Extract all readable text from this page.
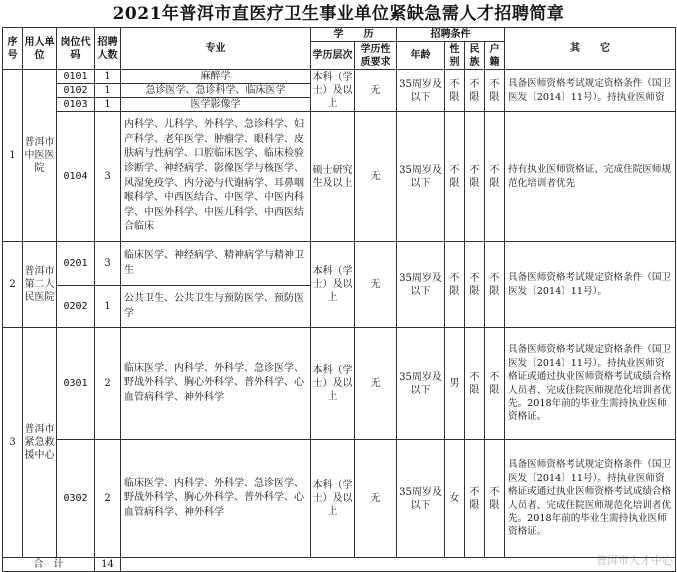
2021年普洱市直医疗卫生事业单位紧缺急需人才招聘简章
序号	用人单位	岗位代码	招聘人数	专业	学　　历		招聘条件				其　　它
					学历层次	学历性质要求	年龄	性别	民族	户籍	
1	普洱市中医医院	0101	1	麻醉学	本科（学士）及以上	无	35周岁及以下	不限	不限	不限	具备医师资格考试规定资格条件（国卫医发〔2014〕11号）。持执业医师资
		0102	1	急诊医学、急诊科学、临床医学							
		0103	1	医学影像学							
		0104	3	内科学、儿科学、外科学、急诊科学、妇产科学、老年医学、肿瘤学、眼科学、皮肤病与性病学、口腔临床医学、临床检验诊断学、神经病学、影像医学与核医学、风湿免疫学、内分泌与代谢病学、耳鼻咽喉科学、中西医结合、中医学、中医内科学、中医外科学、中医儿科学、中西医结合临床	硕士研究生及以上	无	35周岁及以下	不限	不限	不限	持有执业医师资格证、完成住院医师规范化培训者优先
2	普洱市第二人民医院	0201	3	临床医学、神经病学、精神病学与精神卫生	本科（学士）及以上	无	35周岁及以下	不限	不限	不限	具备医师资格考试规定资格条件（国卫医发〔2014〕11号）。
		0202	1	公共卫生、公共卫生与预防医学、预防医学							
3	普洱市紧急救援中心	0301	2	临床医学、内科学、外科学、急诊医学、野战外科学、胸心外科学、普外科学、心血管病科学、神外科学	本科（学士）及以上	无	35周岁及以下	男	不限	不限	具备医师资格考试规定资格条件（国卫医发〔2014〕11号）。持执业医师资格证或通过执业医师资格考试成绩合格人员者、完成住院医师规范化培训者优先。2018年前的毕业生需持执业医师资格证。
		0302	2	临床医学、内科学、外科学、急诊医学、野战外科学、胸心外科学、普外科学、心血管病科学、神外科学	本科（学士）及以上	无	35周岁及以下	女	不限	不限	具备医师资格考试规定资格条件（国卫医发〔2014〕11号）。持执业医师资格证或通过执业医师资格考试成绩合格人员者、完成住院医师规范化培训者优先。2018年前的毕业生需持执业医师资格证。
合　计			14									普洱市人才中心
